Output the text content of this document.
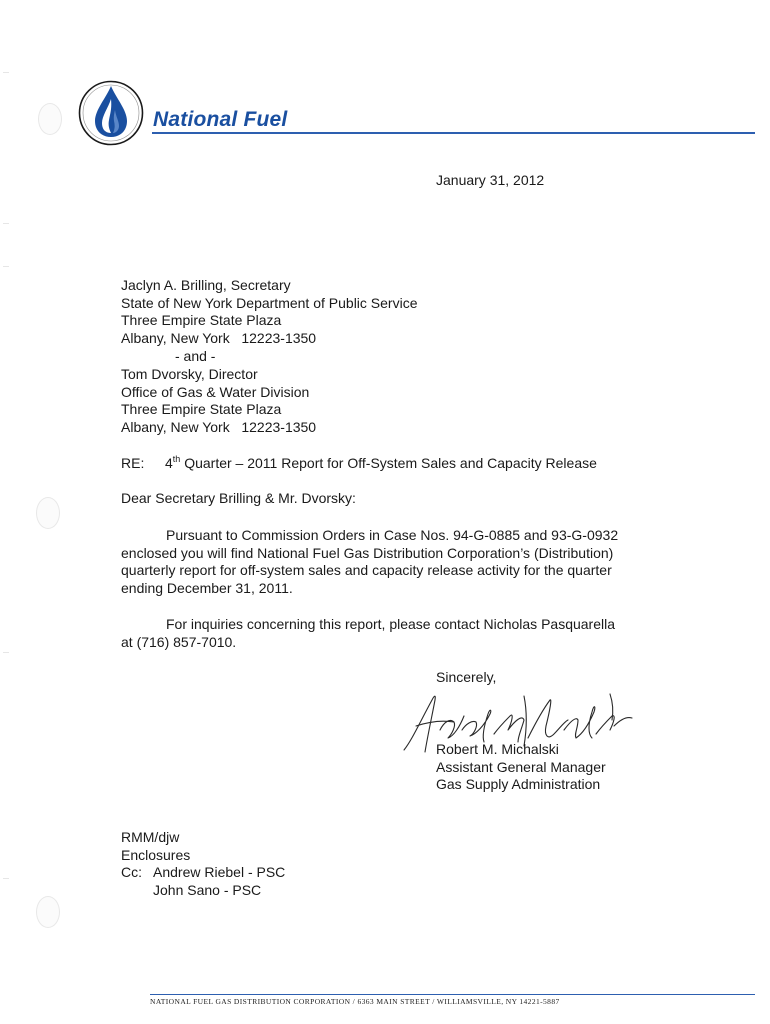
National Fuel
January 31, 2012
Jaclyn A. Brilling, Secretary
State of New York Department of Public Service
Three Empire State Plaza
Albany, New York   12223-1350
- and -
Tom Dvorsky, Director
Office of Gas & Water Division
Three Empire State Plaza
Albany, New York   12223-1350
RE: 4th Quarter – 2011 Report for Off-System Sales and Capacity Release
Dear Secretary Brilling & Mr. Dvorsky:
Pursuant to Commission Orders in Case Nos. 94-G-0885 and 93-G-0932
enclosed you will find National Fuel Gas Distribution Corporation’s (Distribution)
quarterly report for off-system sales and capacity release activity for the quarter
ending December 31, 2011.
For inquiries concerning this report, please contact Nicholas Pasquarella
at (716) 857-7010.
Sincerely,
Robert M. Michalski
Assistant General Manager
Gas Supply Administration
RMM/djw
Enclosures
Cc: Andrew Riebel - PSC
John Sano - PSC
NATIONAL FUEL GAS DISTRIBUTION CORPORATION / 6363 MAIN STREET / WILLIAMSVILLE, NY 14221-5887
